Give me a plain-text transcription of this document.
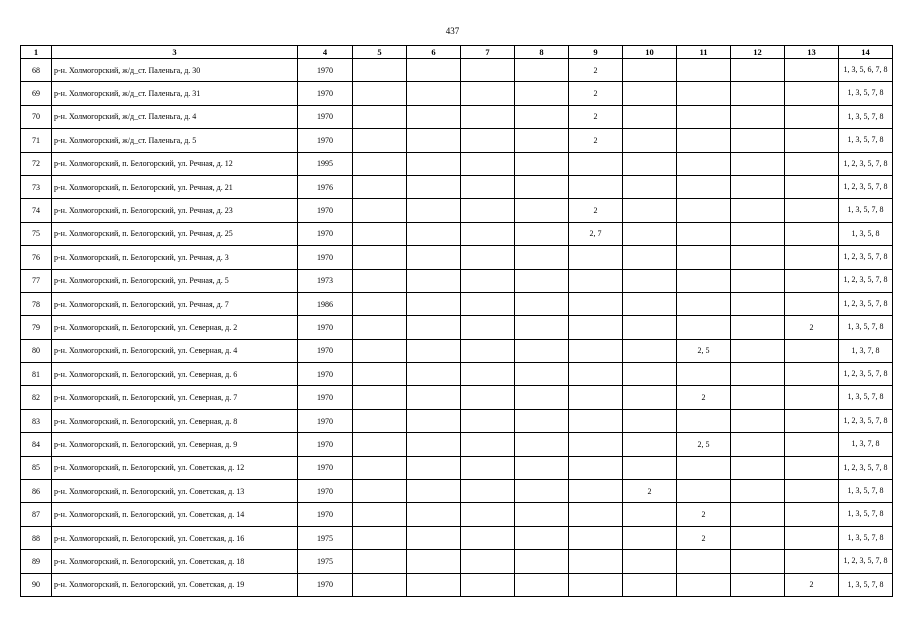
437
1	3	4	5	6	7	8	9	10	11	12	13	14
68	р-н. Холмогорский, ж/д_ст. Паленьга, д. 30	1970					2					1, 3, 5, 6, 7, 8
69	р-н. Холмогорский, ж/д_ст. Паленьга, д. 31	1970					2					1, 3, 5, 7, 8
70	р-н. Холмогорский, ж/д_ст. Паленьга, д. 4	1970					2					1, 3, 5, 7, 8
71	р-н. Холмогорский, ж/д_ст. Паленьга, д. 5	1970					2					1, 3, 5, 7, 8
72	р-н. Холмогорский, п. Белогорский, ул. Речная, д. 12	1995										1, 2, 3, 5, 7, 8
73	р-н. Холмогорский, п. Белогорский, ул. Речная, д. 21	1976										1, 2, 3, 5, 7, 8
74	р-н. Холмогорский, п. Белогорский, ул. Речная, д. 23	1970					2					1, 3, 5, 7, 8
75	р-н. Холмогорский, п. Белогорский, ул. Речная, д. 25	1970					2, 7					1, 3, 5, 8
76	р-н. Холмогорский, п. Белогорский, ул. Речная, д. 3	1970										1, 2, 3, 5, 7, 8
77	р-н. Холмогорский, п. Белогорский, ул. Речная, д. 5	1973										1, 2, 3, 5, 7, 8
78	р-н. Холмогорский, п. Белогорский, ул. Речная, д. 7	1986										1, 2, 3, 5, 7, 8
79	р-н. Холмогорский, п. Белогорский, ул. Северная, д. 2	1970									2	1, 3, 5, 7, 8
80	р-н. Холмогорский, п. Белогорский, ул. Северная, д. 4	1970							2, 5			1, 3, 7, 8
81	р-н. Холмогорский, п. Белогорский, ул. Северная, д. 6	1970										1, 2, 3, 5, 7, 8
82	р-н. Холмогорский, п. Белогорский, ул. Северная, д. 7	1970							2			1, 3, 5, 7, 8
83	р-н. Холмогорский, п. Белогорский, ул. Северная, д. 8	1970										1, 2, 3, 5, 7, 8
84	р-н. Холмогорский, п. Белогорский, ул. Северная, д. 9	1970							2, 5			1, 3, 7, 8
85	р-н. Холмогорский, п. Белогорский, ул. Советская, д. 12	1970										1, 2, 3, 5, 7, 8
86	р-н. Холмогорский, п. Белогорский, ул. Советская, д. 13	1970						2				1, 3, 5, 7, 8
87	р-н. Холмогорский, п. Белогорский, ул. Советская, д. 14	1970							2			1, 3, 5, 7, 8
88	р-н. Холмогорский, п. Белогорский, ул. Советская, д. 16	1975							2			1, 3, 5, 7, 8
89	р-н. Холмогорский, п. Белогорский, ул. Советская, д. 18	1975										1, 2, 3, 5, 7, 8
90	р-н. Холмогорский, п. Белогорский, ул. Советская, д. 19	1970									2	1, 3, 5, 7, 8
